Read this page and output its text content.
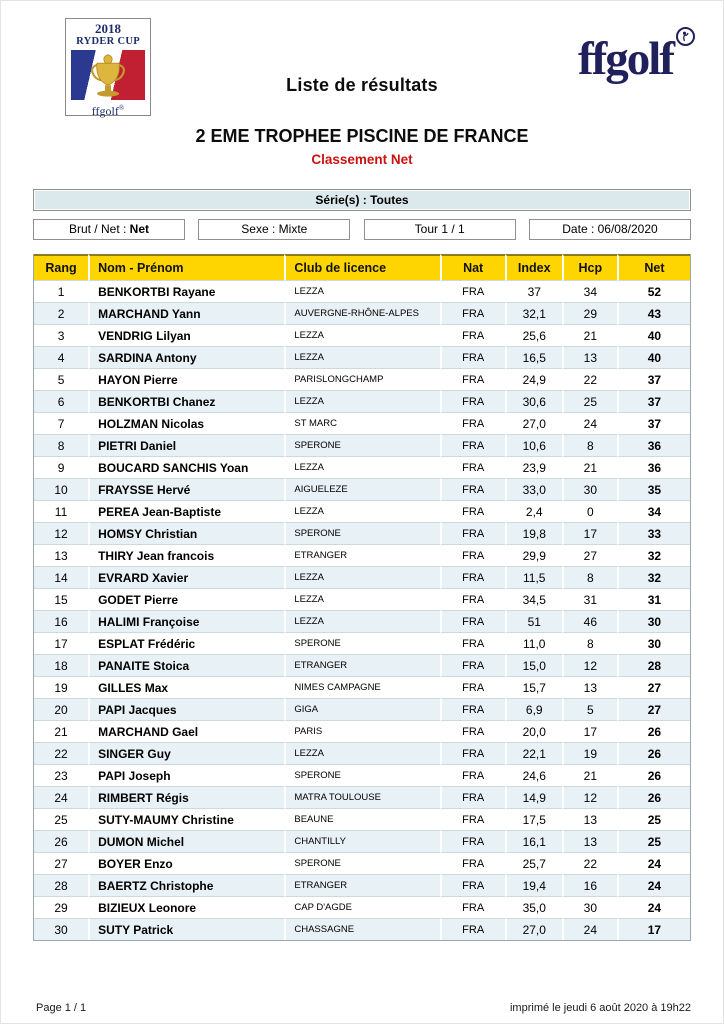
2018
RYDER CUP
ffgolf®
Liste de résultats	ffgolf
2 EME TROPHEE PISCINE DE FRANCE
Classement Net
Série(s) : Toutes
Brut / Net : Net	Sexe : Mixte	Tour 1 / 1	Date : 06/08/2020
Rang	Nom - Prénom	Club de licence	Nat	Index	Hcp	Net
1	BENKORTBI Rayane	LEZZA	FRA	37	34	52
2	MARCHAND Yann	AUVERGNE-RHÔNE-ALPES	FRA	32,1	29	43
3	VENDRIG Lilyan	LEZZA	FRA	25,6	21	40
4	SARDINA Antony	LEZZA	FRA	16,5	13	40
5	HAYON Pierre	PARISLONGCHAMP	FRA	24,9	22	37
6	BENKORTBI Chanez	LEZZA	FRA	30,6	25	37
7	HOLZMAN Nicolas	ST MARC	FRA	27,0	24	37
8	PIETRI Daniel	SPERONE	FRA	10,6	8	36
9	BOUCARD SANCHIS Yoan	LEZZA	FRA	23,9	21	36
10	FRAYSSE Hervé	AIGUELEZE	FRA	33,0	30	35
11	PEREA Jean-Baptiste	LEZZA	FRA	2,4	0	34
12	HOMSY Christian	SPERONE	FRA	19,8	17	33
13	THIRY Jean francois	ETRANGER	FRA	29,9	27	32
14	EVRARD Xavier	LEZZA	FRA	11,5	8	32
15	GODET Pierre	LEZZA	FRA	34,5	31	31
16	HALIMI Françoise	LEZZA	FRA	51	46	30
17	ESPLAT Frédéric	SPERONE	FRA	11,0	8	30
18	PANAITE Stoica	ETRANGER	FRA	15,0	12	28
19	GILLES Max	NIMES CAMPAGNE	FRA	15,7	13	27
20	PAPI Jacques	GIGA	FRA	6,9	5	27
21	MARCHAND Gael	PARIS	FRA	20,0	17	26
22	SINGER Guy	LEZZA	FRA	22,1	19	26
23	PAPI Joseph	SPERONE	FRA	24,6	21	26
24	RIMBERT Régis	MATRA TOULOUSE	FRA	14,9	12	26
25	SUTY-MAUMY Christine	BEAUNE	FRA	17,5	13	25
26	DUMON Michel	CHANTILLY	FRA	16,1	13	25
27	BOYER Enzo	SPERONE	FRA	25,7	22	24
28	BAERTZ Christophe	ETRANGER	FRA	19,4	16	24
29	BIZIEUX Leonore	CAP D'AGDE	FRA	35,0	30	24
30	SUTY Patrick	CHASSAGNE	FRA	27,0	24	17
Page 1 / 1	imprimé le jeudi 6 août 2020 à 19h22
